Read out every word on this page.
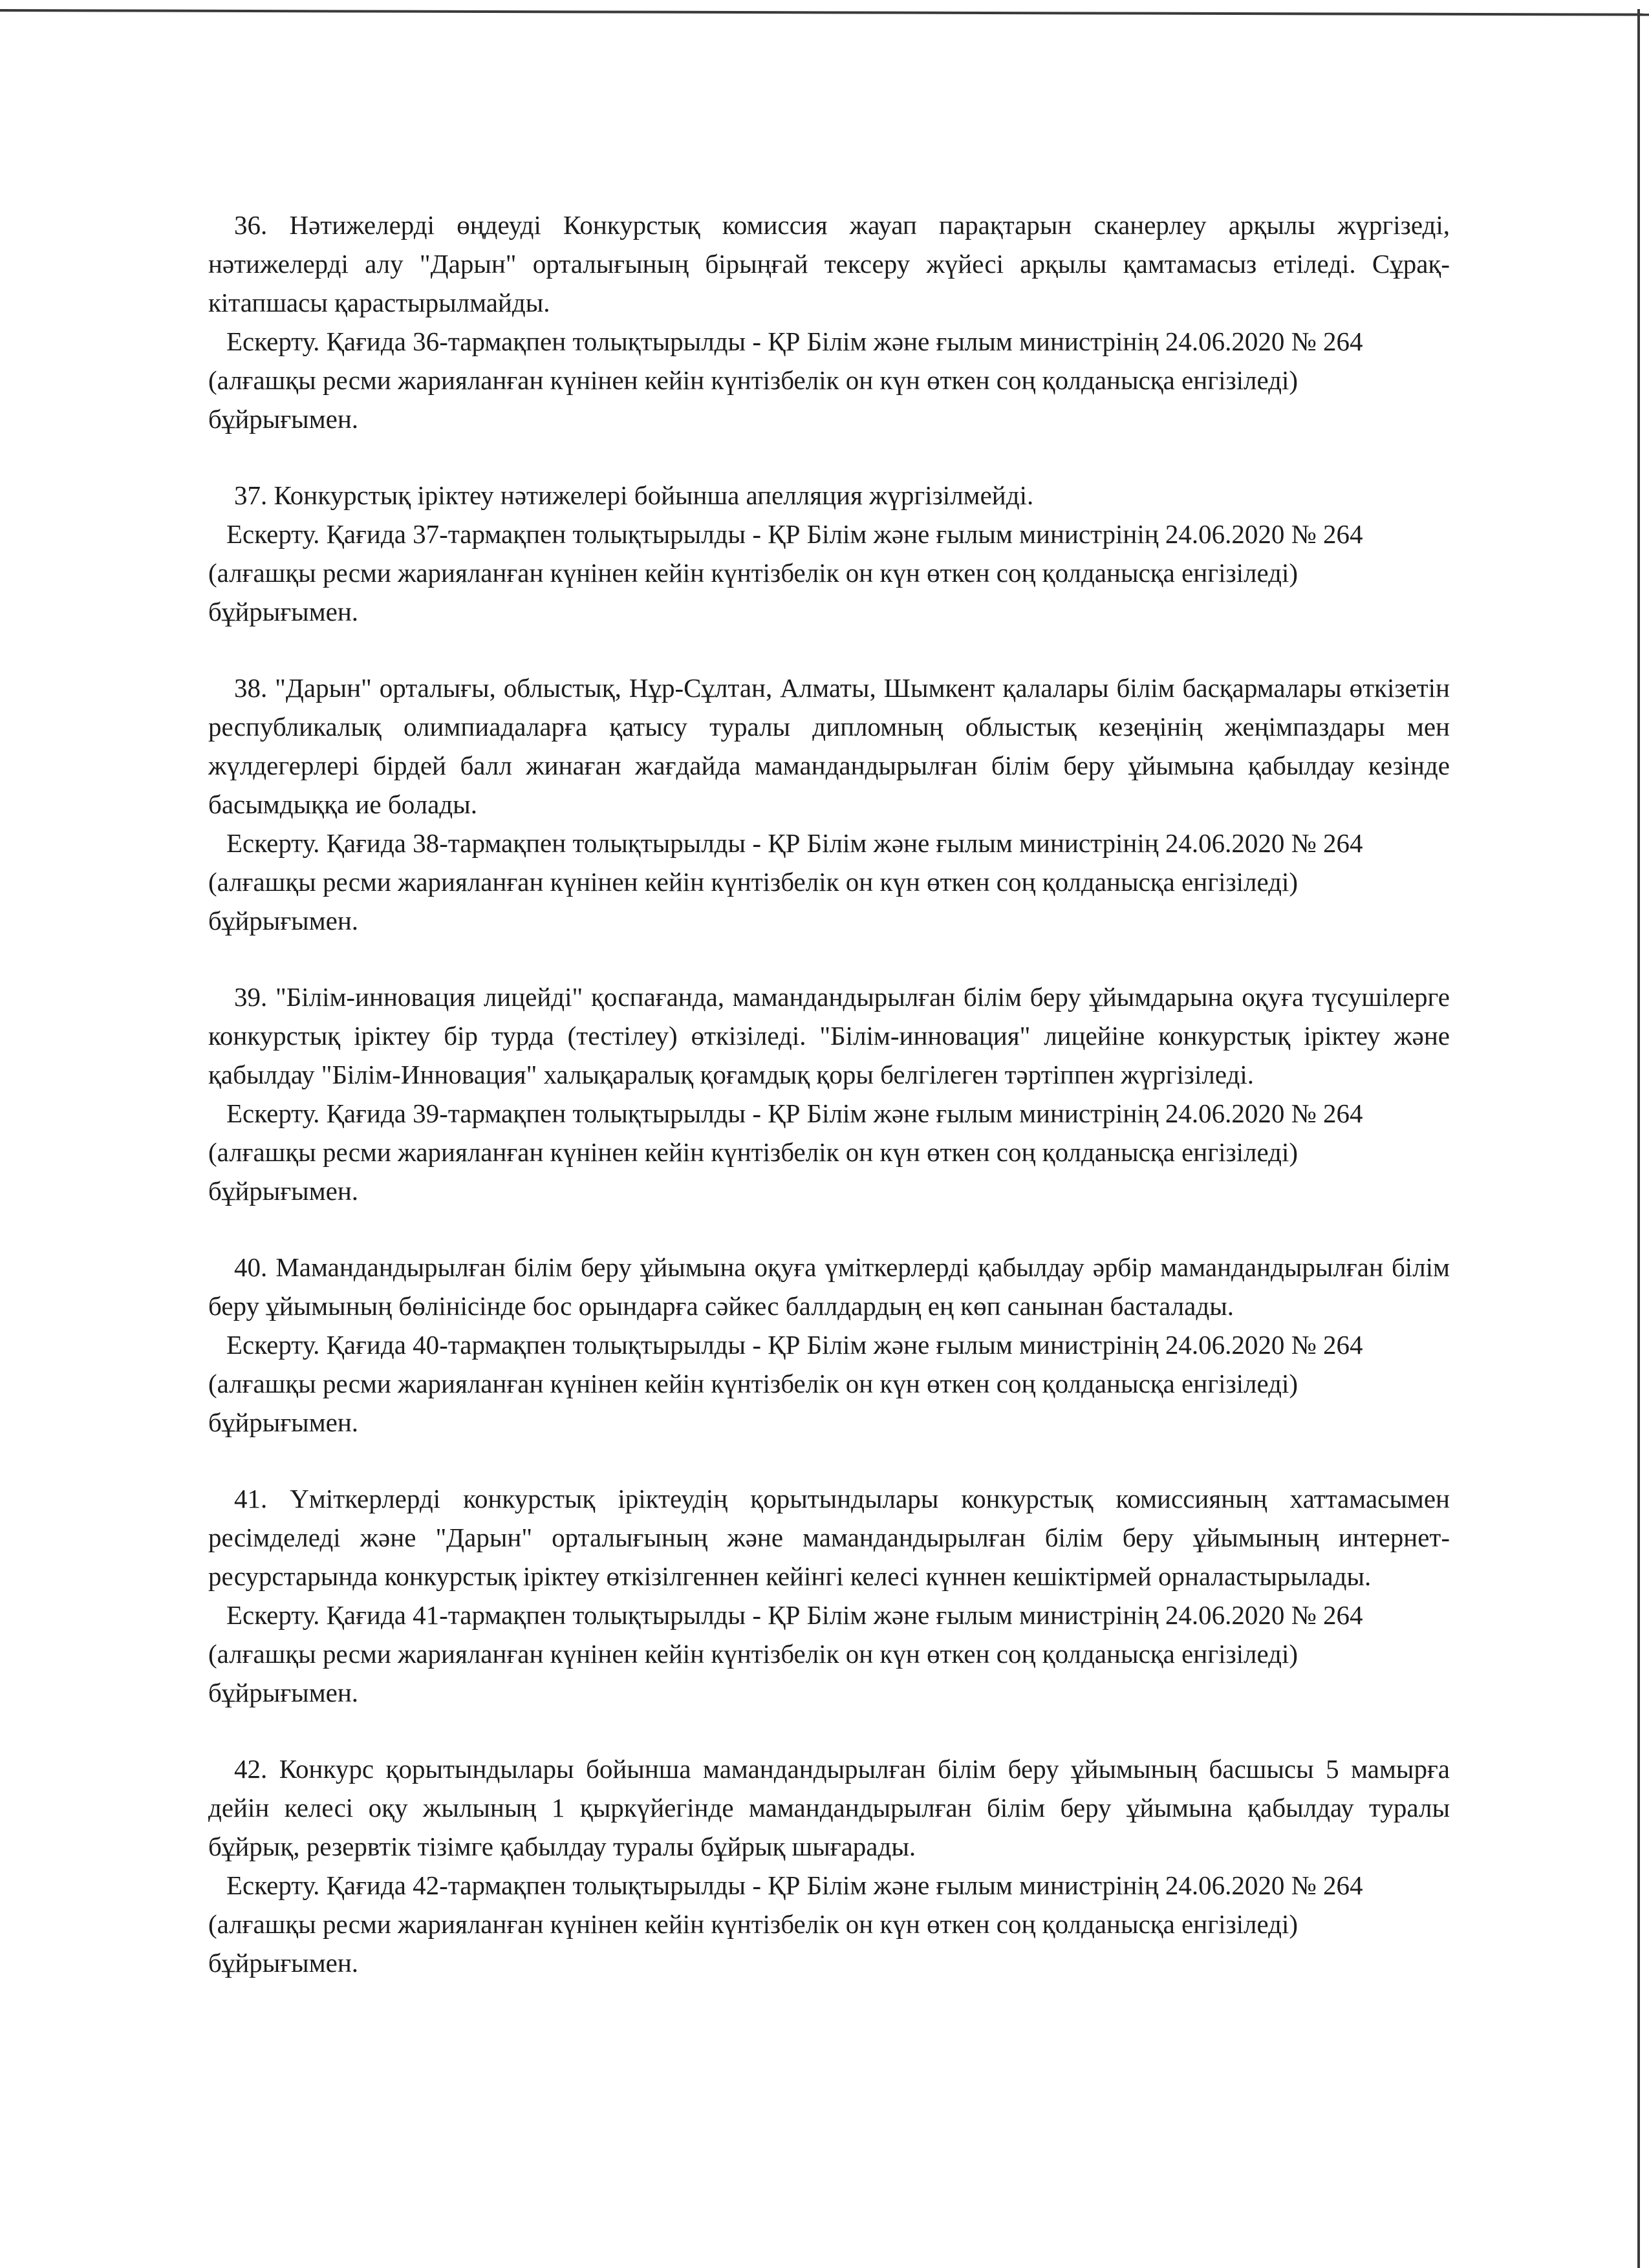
36. Нәтижелерді өңдеуді Конкурстық комиссия жауап парақтарын сканерлеу арқылы жүргізеді, нәтижелерді алу "Дарын" орталығының бірыңғай тексеру жүйесі арқылы қамтамасыз етіледі. Сұрақ-кітапшасы қарастырылмайды.

Ескерту. Қағида 36-тармақпен толықтырылды - ҚР Білім және ғылым министрінің 24.06.2020 № 264 (алғашқы ресми жарияланған күнінен кейін күнтізбелік он күн өткен соң қолданысқа енгізіледі) бұйрығымен.

37. Конкурстық іріктеу нәтижелері бойынша апелляция жүргізілмейді.

Ескерту. Қағида 37-тармақпен толықтырылды - ҚР Білім және ғылым министрінің 24.06.2020 № 264 (алғашқы ресми жарияланған күнінен кейін күнтізбелік он күн өткен соң қолданысқа енгізіледі) бұйрығымен.

38. "Дарын" орталығы, облыстық, Нұр-Сұлтан, Алматы, Шымкент қалалары білім басқармалары өткізетін республикалық олимпиадаларға қатысу туралы дипломның облыстық кезеңінің жеңімпаздары мен жүлдегерлері бірдей балл жинаған жағдайда мамандандырылған білім беру ұйымына қабылдау кезінде басымдыққа ие болады.

Ескерту. Қағида 38-тармақпен толықтырылды - ҚР Білім және ғылым министрінің 24.06.2020 № 264 (алғашқы ресми жарияланған күнінен кейін күнтізбелік он күн өткен соң қолданысқа енгізіледі) бұйрығымен.

39. "Білім-инновация лицейді" қоспағанда, мамандандырылған білім беру ұйымдарына оқуға түсушілерге конкурстық іріктеу бір турда (тестілеу) өткізіледі. "Білім-инновация" лицейіне конкурстық іріктеу және қабылдау "Білім-Инновация" халықаралық қоғамдық қоры белгілеген тәртіппен жүргізіледі.

Ескерту. Қағида 39-тармақпен толықтырылды - ҚР Білім және ғылым министрінің 24.06.2020 № 264 (алғашқы ресми жарияланған күнінен кейін күнтізбелік он күн өткен соң қолданысқа енгізіледі) бұйрығымен.

40. Мамандандырылған білім беру ұйымына оқуға үміткерлерді қабылдау әрбір мамандандырылған білім беру ұйымының бөлінісінде бос орындарға сәйкес баллдардың ең көп санынан басталады.

Ескерту. Қағида 40-тармақпен толықтырылды - ҚР Білім және ғылым министрінің 24.06.2020 № 264 (алғашқы ресми жарияланған күнінен кейін күнтізбелік он күн өткен соң қолданысқа енгізіледі) бұйрығымен.

41. Үміткерлерді конкурстық іріктеудің қорытындылары конкурстық комиссияның хаттамасымен ресімделеді және "Дарын" орталығының және мамандандырылған білім беру ұйымының интернет-ресурстарында конкурстық іріктеу өткізілгеннен кейінгі келесі күннен кешіктірмей орналастырылады.

Ескерту. Қағида 41-тармақпен толықтырылды - ҚР Білім және ғылым министрінің 24.06.2020 № 264 (алғашқы ресми жарияланған күнінен кейін күнтізбелік он күн өткен соң қолданысқа енгізіледі) бұйрығымен.

42. Конкурс қорытындылары бойынша мамандандырылған білім беру ұйымының басшысы 5 мамырға дейін келесі оқу жылының 1 қыркүйегінде мамандандырылған білім беру ұйымына қабылдау туралы бұйрық, резервтік тізімге қабылдау туралы бұйрық шығарады.

Ескерту. Қағида 42-тармақпен толықтырылды - ҚР Білім және ғылым министрінің 24.06.2020 № 264 (алғашқы ресми жарияланған күнінен кейін күнтізбелік он күн өткен соң қолданысқа енгізіледі) бұйрығымен.
